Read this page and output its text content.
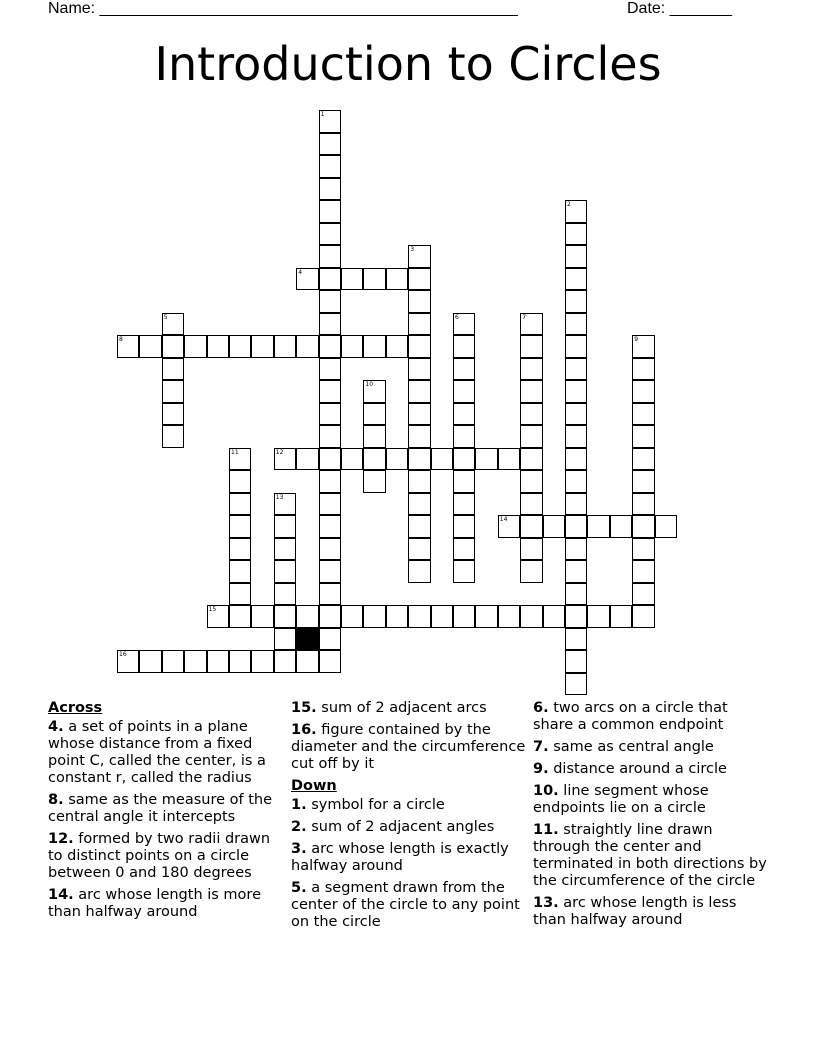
Name: _______________________________________________	Date: _______
Introduction to Circles
1
2
3
4
5	6	7
8	9
10
11	12
13
14
15
16
Across
4. a set of points in a plane whose distance from a fixed point C, called the center, is a constant r, called the radius
8. same as the measure of the central angle it intercepts
12. formed by two radii drawn to distinct points on a circle between 0 and 180 degrees
14. arc whose length is more than halfway around
15. sum of 2 adjacent arcs
16. figure contained by the diameter and the circumference cut off by it
Down
1. symbol for a circle
2. sum of 2 adjacent angles
3. arc whose length is exactly halfway around
5. a segment drawn from the center of the circle to any point on the circle
6. two arcs on a circle that share a common endpoint
7. same as central angle
9. distance around a circle
10. line segment whose endpoints lie on a circle
11. straightly line drawn through the center and terminated in both directions by the circumference of the circle
13. arc whose length is less than halfway around
